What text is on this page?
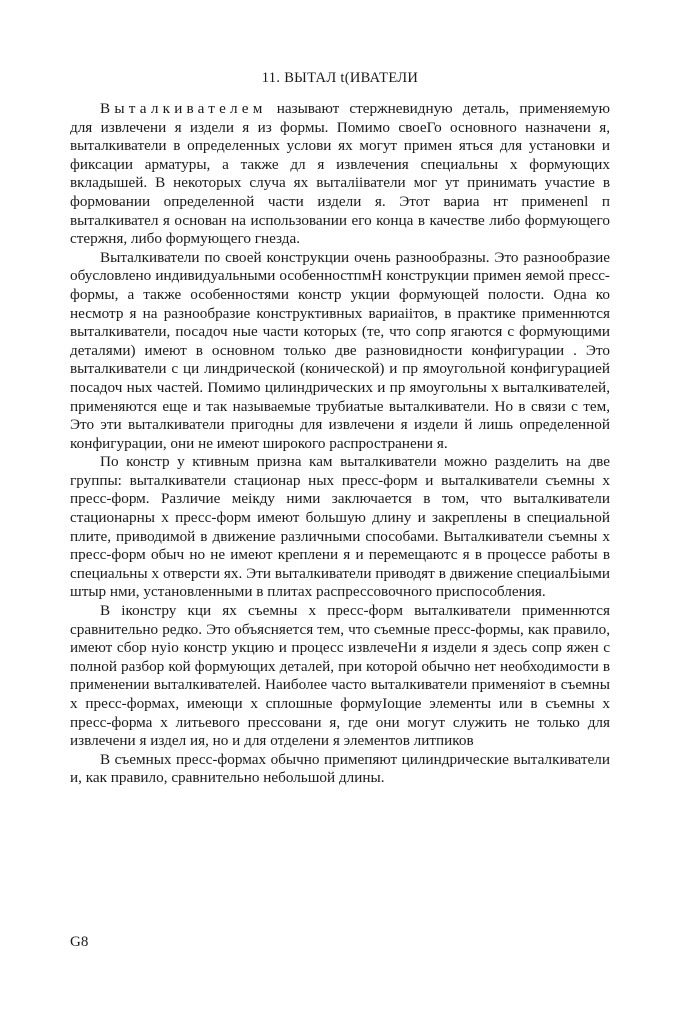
11. ВЫТАЛ t(ИВАТЕЛИ

Выталкивателем называют стержневидную деталь, применяемую для извлечени я издели я из формы. Помимо своеГо основного назначени я, выталкиватели в определенных услови ях могут примен яться для установки и фиксации арматуры, а также дл я извлечения специальны х формующих вкладышей. В некоторых случа ях выталiiватели мог ут принимать участие в формовании определенной части издели я. Этот вариа нт применеnl п выталкивател я основан на использовании его конца в качестве либо формующего стержня, либо формующего гнезда.

Выталкиватели по своей конструкции очень разнообразны. Это разнообразие обусловлено индивидуальными особенностпмН конструкции примен яемой пресс-формы, а также особенностями констр укции формующей полости. Одна ко несмотр я на разнообразие конструктивных вариаiiтов, в практике применнются выталкиватели, посадоч ные части которых (те, что сопр ягаются с формующими деталями) имеют в основном только две разновидности конфигурации . Это выталкиватели с ци линдрической (конической) и пр ямоугольной конфигурацией посадоч ных частей. Помимо цилиндрических и пр ямоугольны х выталкивателей, применяются еще и так называемые трубиатые выталкиватели. Но в связи с тем, Это эти выталкиватели пригодны для извлечени я издели й лишь определенной конфигурации, они не имеют широкого распространени я.

По констр у ктивным призна кам выталкиватели можно разделить на две группы: выталкиватели стационар ных пресс-форм и выталкиватели съемны х пресс-форм. Различие меiкду ними заключается в том, что выталкиватели стационарны х пресс-форм имеют большую длину и закреплены в специальной плите, приводимой в движение различными способами. Выталкиватели съемны х пресс-форм обыч но не имеют креплени я и перемещаютс я в процессе работы в специальны х отверсти ях. Эти выталкиватели приводят в движение специалЬiыми штыр нми, установленными в плитах распрессовочного приспособления.

В iконстру кци ях съемны х пресс-форм выталкиватели применнются сравнительно редко. Это объясняется тем, что съемные пресс-формы, как правило, имеют сбор нуiо констр укцию и процесс извлечеНи я издели я здесь сопр яжен с полной разбор кой формующих деталей, при которой обычно нет необходимости в применении выталкивателей. Наиболее часто выталкиватели применяiот в съемны х пресс-формах, имеющи х сплошные формуIощие элементы или в съемны х пресс-форма х литьевого прессовани я, где они могут служить не только для извлечени я издел ия, но и для отделени я элементов литпиков

В съемных пресс-формах обычно примепяют цилиндрические выталкиватели и, как правило, сравнительно небольшой длины.

G8
